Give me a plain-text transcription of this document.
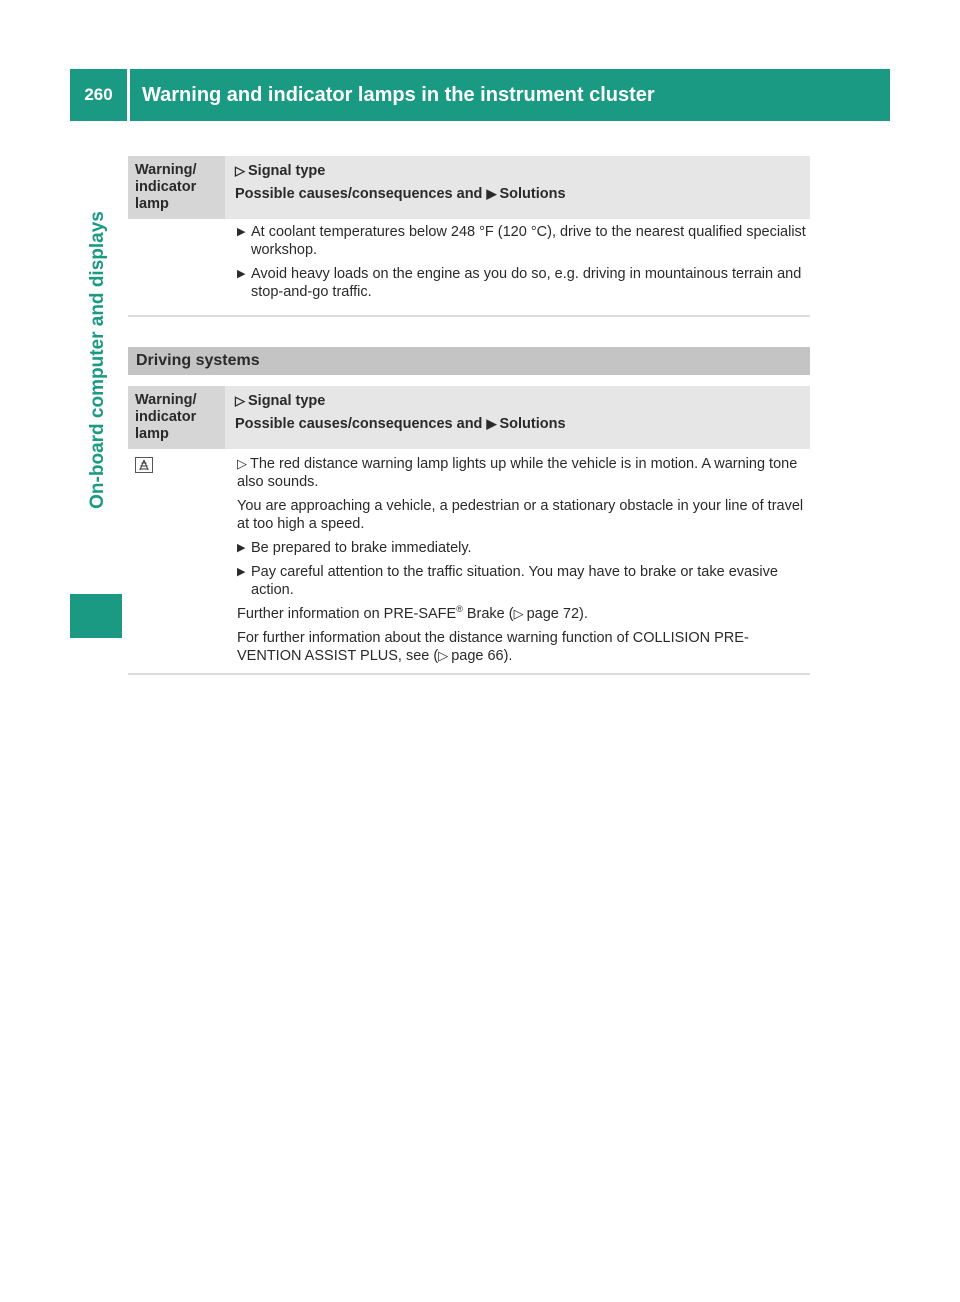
260	Warning and indicator lamps in the instrument cluster
On-board computer and displays
Warning/
indicator
lamp
▷ Signal type
Possible causes/consequences and ▶ Solutions
▶ At coolant temperatures below 248 °F (120 °C), drive to the nearest qualified specialist workshop.
▶ Avoid heavy loads on the engine as you do so, e.g. driving in mountainous terrain and stop-and-go traffic.
Driving systems
Warning/
indicator
lamp
▷ Signal type
Possible causes/consequences and ▶ Solutions
▷ The red distance warning lamp lights up while the vehicle is in motion. A warning tone also sounds.
You are approaching a vehicle, a pedestrian or a stationary obstacle in your line of travel at too high a speed.
▶ Be prepared to brake immediately.
▶ Pay careful attention to the traffic situation. You may have to brake or take evasive action.
Further information on PRE-SAFE® Brake (▷ page 72).
For further information about the distance warning function of COLLISION PRE-VENTION ASSIST PLUS, see (▷ page 66).
